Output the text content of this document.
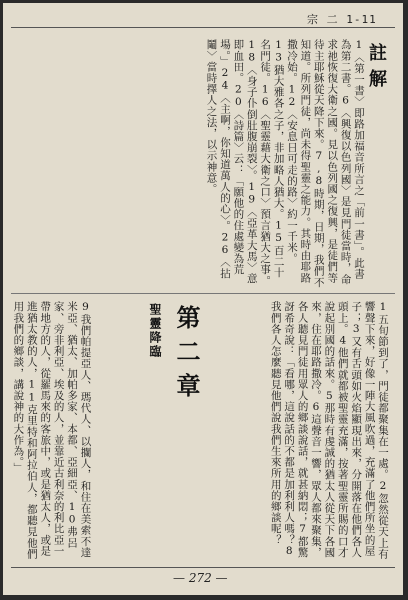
宗 二 1-11
註解
1〈第一書〉即路加福音所言之「前一書」。此書為第二書。6〈興復以色列國〉是見門徒當時，命求祂恢復大衛之國。見以色列國之復興，是徒們等待主耶穌從天降下來。7,8時期，日期，我們不知道。所列門徒，尚未得聖靈之能力。其時由耶路撒冷始。12〈安息日可走的路〉約一千米。13猶大雅各之子，非加略人猶大。15百二十名門徒。16〈聖靈藉大衛之口〉預言猶大之事。18〈身子仆倒肚腹崩裂〉。19〈亞革大馬〉意即血田。20〈詩篇〉云：「願他的住處變為荒場。」24〈主啊，你知道萬人的心〉。26〈拈鬮〉當時擇人之法，以示神意。
1五旬節到了，門徒都聚集在一處。2忽然從天上有響聲下來，好像一陣大風吹過，充滿了他們所坐的屋子；3又有舌頭如火焰顯現出來，分開落在他們各人頭上。4他們就都被聖靈充滿，按著聖靈所賜的口才說起別國的話來。5那時有虔誠的猶太人從天下各國來，住在耶路撒冷。6這聲音一響，眾人都來聚集，各人聽見門徒用眾人的鄉談說話，就甚納悶；7都驚訝希奇說：「看哪，這說話的不都是加利利人嗎？8我們各人怎麼聽見他們說我們生來所用的鄉談呢？
第二章
聖靈降臨
9我們帕提亞人、瑪代人、以攔人，和住在美索不達米亞、猶太、加帕多家、本都、亞細亞、10弗呂家、旁非利亞、埃及的人，並靠近古利奈的利比亞一帶地方的人，從羅馬來的客旅中，或是猶太人，或是進猶太教的人，11克里特和阿拉伯人，都聽見他們用我們的鄉談，講說神的大作為。」
— 272 —
